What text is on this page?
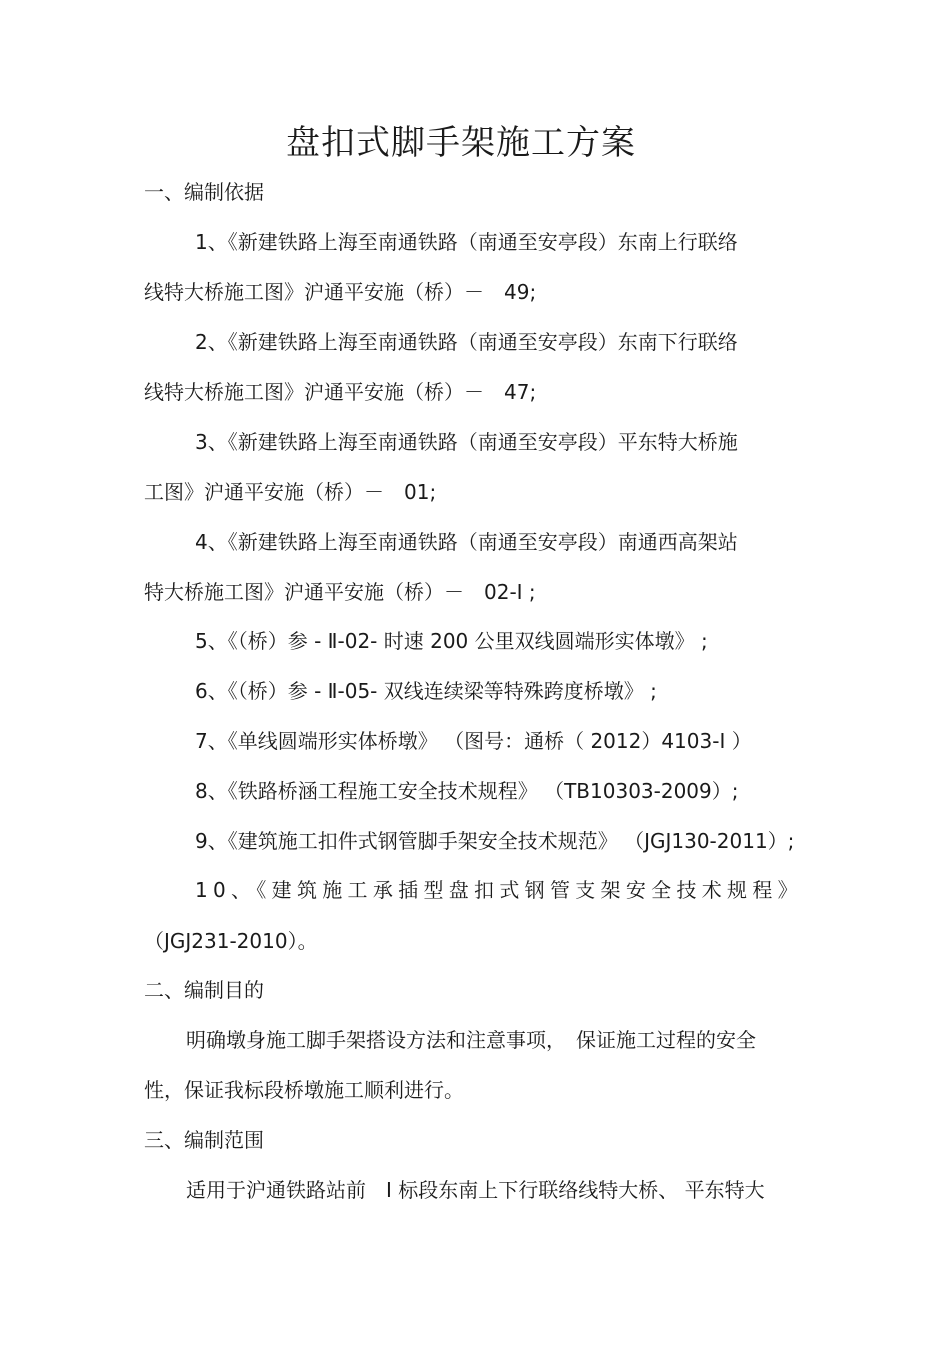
盘扣式脚手架施工方案
一、编制依据
1、《新建铁路上海至南通铁路（南通至安亭段）东南上行联络
线特大桥施工图》沪通平安施（桥）－　49;
2、《新建铁路上海至南通铁路（南通至安亭段）东南下行联络
线特大桥施工图》沪通平安施（桥）－　47;
3、《新建铁路上海至南通铁路（南通至安亭段）平东特大桥施
工图》沪通平安施（桥）－　01;
4、《新建铁路上海至南通铁路（南通至安亭段）南通西高架站
特大桥施工图》沪通平安施（桥）－　02-I ;
5、《（桥）参 - Ⅱ-02- 时速 200 公里双线圆端形实体墩》 ;
6、《（桥）参 - Ⅱ-05- 双线连续梁等特殊跨度桥墩》 ;
7、《单线圆端形实体桥墩》 （图号：通桥（ 2012）4103-I ）
8、《铁路桥涵工程施工安全技术规程》 （TB10303-2009）;
9、《建筑施工扣件式钢管脚手架安全技术规范》 （JGJ130-2011）;
10、《建筑施工承插型盘扣式钢管支架安全技术规程》
（JGJ231-2010）。
二、编制目的
明确墩身施工脚手架搭设方法和注意事项，　保证施工过程的安全
性，保证我标段桥墩施工顺利进行。
三、编制范围
适用于沪通铁路站前　I 标段东南上下行联络线特大桥、 平东特大
